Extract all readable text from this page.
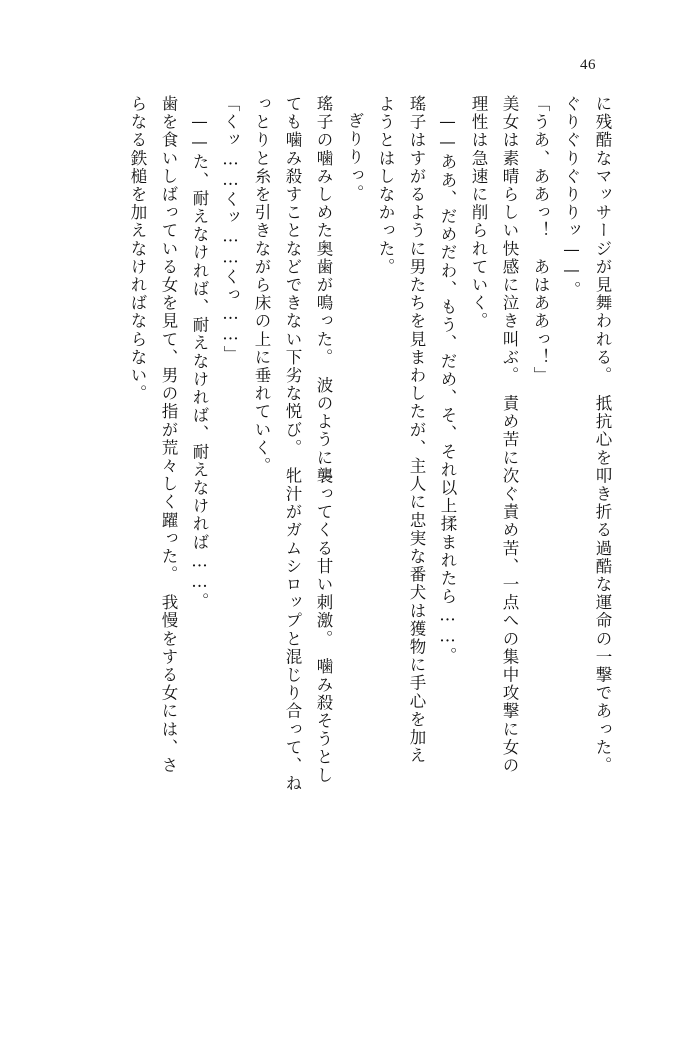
46
に残酷なマッサージが見舞われる。　抵抗心を叩き折る過酷な運命の一撃であった。
ぐりぐりぐりりッ——。
「うあ、ああっ！　あはああっ！」
美女は素晴らしい快感に泣き叫ぶ。　責め苦に次ぐ責め苦、一点への集中攻撃に女の
理性は急速に削られていく。
——ああ、だめだわ、もう、だめ、そ、それ以上揉まれたら……。
瑤子はすがるように男たちを見まわしたが、主人に忠実な番犬は獲物に手心を加え
ようとはしなかった。
ぎりりっ。
瑤子の噛みしめた奥歯が鳴った。　波のように襲ってくる甘い刺激。　噛み殺そうとし
ても噛み殺すことなどできない下劣な悦び。　牝汁がガムシロップと混じり合って、ね
っとりと糸を引きながら床の上に垂れていく。
「くッ……くッ……くっ……」
——た、耐えなければ、耐えなければ、耐えなければ……。
歯を食いしばっている女を見て、男の指が荒々しく躍った。　我慢をする女には、さ
らなる鉄槌を加えなければならない。
